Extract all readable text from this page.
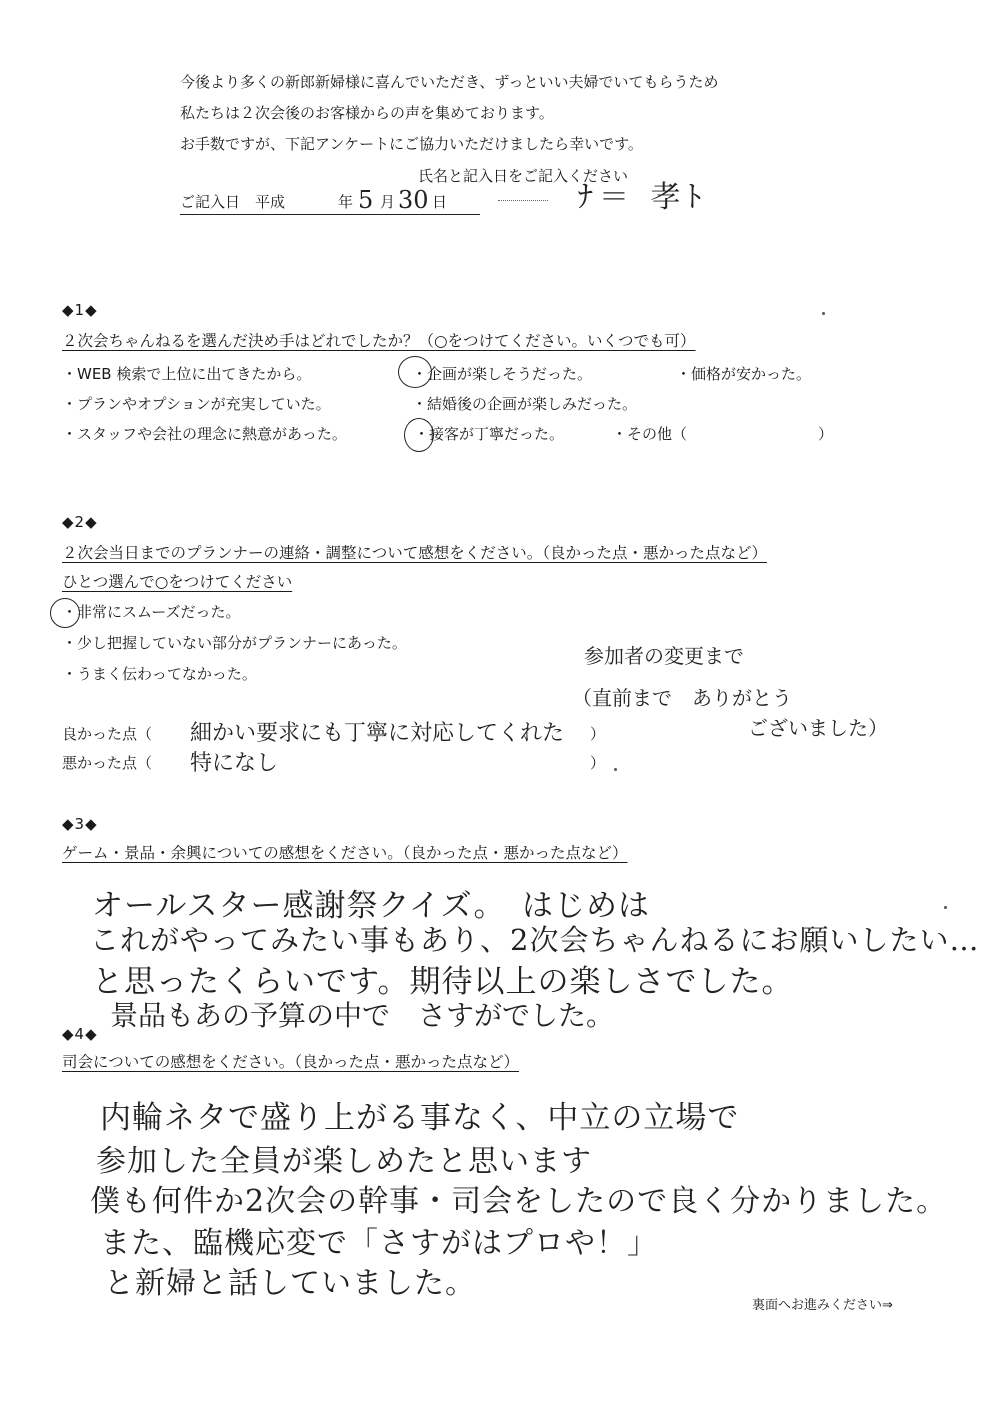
今後より多くの新郎新婦様に喜んでいただき、ずっといい夫婦でいてもらうため
私たちは２次会後のお客様からの声を集めております。
お手数ですが、下記アンケートにご協力いただけましたら幸いです。
氏名と記入日をご記入ください
ご記入日　平成	年 5 月 30 日	ﾅ＝ 孝ﾄ
◆1◆
２次会ちゃんねるを選んだ決め手はどれでしたか？（○をつけてください。いくつでも可）
・WEB 検索で上位に出てきたから。	・企画が楽しそうだった。	・価格が安かった。
・プランやオプションが充実していた。	・結婚後の企画が楽しみだった。
・スタッフや会社の理念に熱意があった。	・接客が丁寧だった。	・その他（	）
◆2◆
２次会当日までのプランナーの連絡・調整について感想をください。（良かった点・悪かった点など）
ひとつ選んで○をつけてください
・非常にスムーズだった。
・少し把握していない部分がプランナーにあった。
・うまく伝わってなかった。
参加者の変更まで
（直前まで　ありがとう
ございました）
良かった点（ 細かい要求にも丁寧に対応してくれた ）
悪かった点（ 特になし	）
◆3◆
ゲーム・景品・余興についての感想をください。（良かった点・悪かった点など）
オールスター感謝祭クイズ。　はじめは
これがやってみたい事もあり、2次会ちゃんねるにお願いしたい…
と思ったくらいです。期待以上の楽しさでした。
景品もあの予算の中で　さすがでした。
◆4◆
司会についての感想をください。（良かった点・悪かった点など）
内輪ネタで盛り上がる事なく、中立の立場で
参加した全員が楽しめたと思います
僕も何件か2次会の幹事・司会をしたので良く分かりました。
また、臨機応変で「さすがはプロや！」
と新婦と話していました。
裏面へお進みください⇒
